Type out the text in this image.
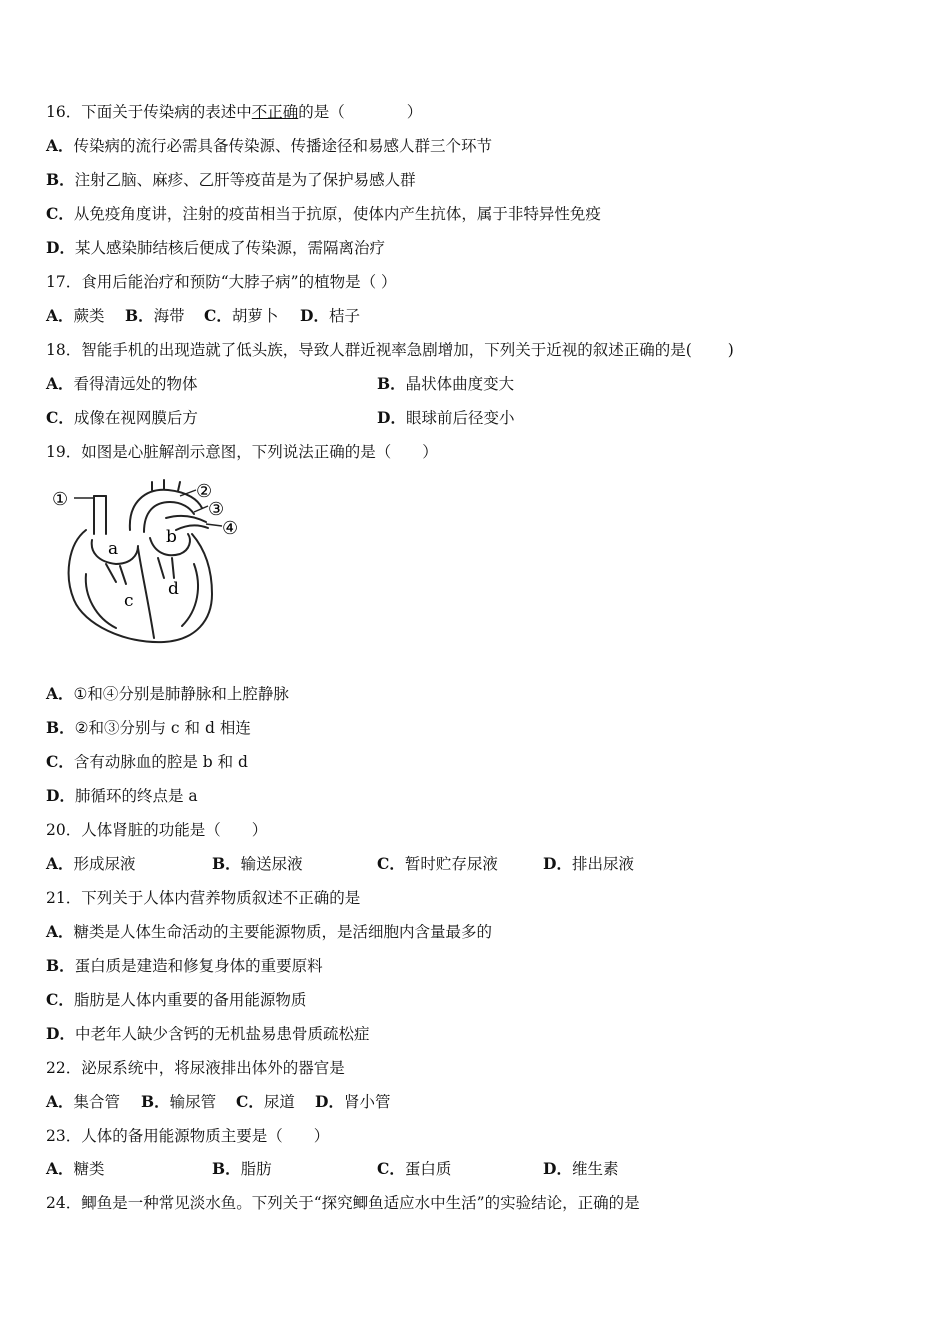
16．下面关于传染病的表述中不正确的是（　　　　）
A．传染病的流行必需具备传染源、传播途径和易感人群三个环节
B．注射乙脑、麻疹、乙肝等疫苗是为了保护易感人群
C．从免疫角度讲，注射的疫苗相当于抗原，使体内产生抗体，属于非特异性免疫
D．某人感染肺结核后便成了传染源，需隔离治疗
17．食用后能治疗和预防“大脖子病”的植物是（ ）
A．蕨类 B．海带 C．胡萝卜 D．桔子
18．智能手机的出现造就了低头族，导致人群近视率急剧增加，下列关于近视的叙述正确的是(　　 )
A．看得清远处的物体	B．晶状体曲度变大
C．成像在视网膜后方	D．眼球前后径变小
19．如图是心脏解剖示意图，下列说法正确的是（　　）
①	②
③
④
a
b
c
d
A．①和④分别是肺静脉和上腔静脉
B．②和③分别与 c 和 d 相连
C．含有动脉血的腔是 b 和 d
D．肺循环的终点是 a
20．人体肾脏的功能是（　　）
A．形成尿液	B．输送尿液	C．暂时贮存尿液	D．排出尿液
21．下列关于人体内营养物质叙述不正确的是
A．糖类是人体生命活动的主要能源物质，是活细胞内含量最多的
B．蛋白质是建造和修复身体的重要原料
C．脂肪是人体内重要的备用能源物质
D．中老年人缺少含钙的无机盐易患骨质疏松症
22．泌尿系统中，将尿液排出体外的器官是
A．集合管 B．输尿管 C．尿道 D．肾小管
23．人体的备用能源物质主要是（　　）
A．糖类	B．脂肪	C．蛋白质	D．维生素
24．鲫鱼是一种常见淡水鱼。下列关于“探究鲫鱼适应水中生活”的实验结论，正确的是
